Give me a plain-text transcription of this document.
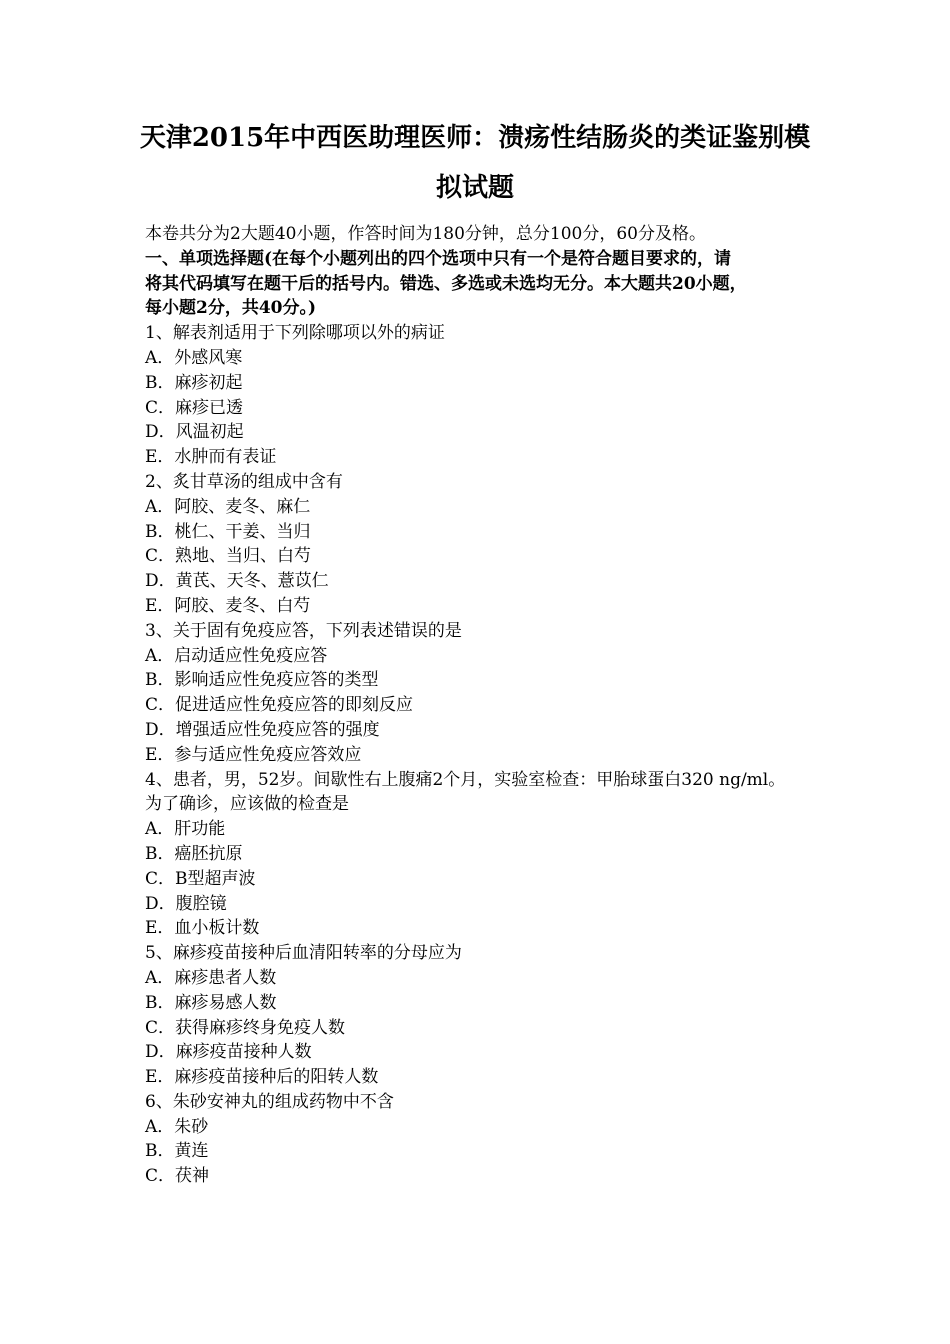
天津2015年中西医助理医师：溃疡性结肠炎的类证鉴别模
拟试题
本卷共分为2大题40小题，作答时间为180分钟，总分100分，60分及格。
一、单项选择题(在每个小题列出的四个选项中只有一个是符合题目要求的，请
将其代码填写在题干后的括号内。错选、多选或未选均无分。本大题共20小题，
每小题2分，共40分。)
1、解表剂适用于下列除哪项以外的病证
A．外感风寒
B．麻疹初起
C．麻疹已透
D．风温初起
E．水肿而有表证
2、炙甘草汤的组成中含有
A．阿胶、麦冬、麻仁
B．桃仁、干姜、当归
C．熟地、当归、白芍
D．黄芪、天冬、薏苡仁
E．阿胶、麦冬、白芍
3、关于固有免疫应答，下列表述错误的是
A．启动适应性免疫应答
B．影响适应性免疫应答的类型
C．促进适应性免疫应答的即刻反应
D．增强适应性免疫应答的强度
E．参与适应性免疫应答效应
4、患者，男，52岁。间歇性右上腹痛2个月，实验室检查：甲胎球蛋白320 ng/ml。
为了确诊，应该做的检查是
A．肝功能
B．癌胚抗原
C．B型超声波
D．腹腔镜
E．血小板计数
5、麻疹疫苗接种后血清阳转率的分母应为
A．麻疹患者人数
B．麻疹易感人数
C．获得麻疹终身免疫人数
D．麻疹疫苗接种人数
E．麻疹疫苗接种后的阳转人数
6、朱砂安神丸的组成药物中不含
A．朱砂
B．黄连
C．茯神
